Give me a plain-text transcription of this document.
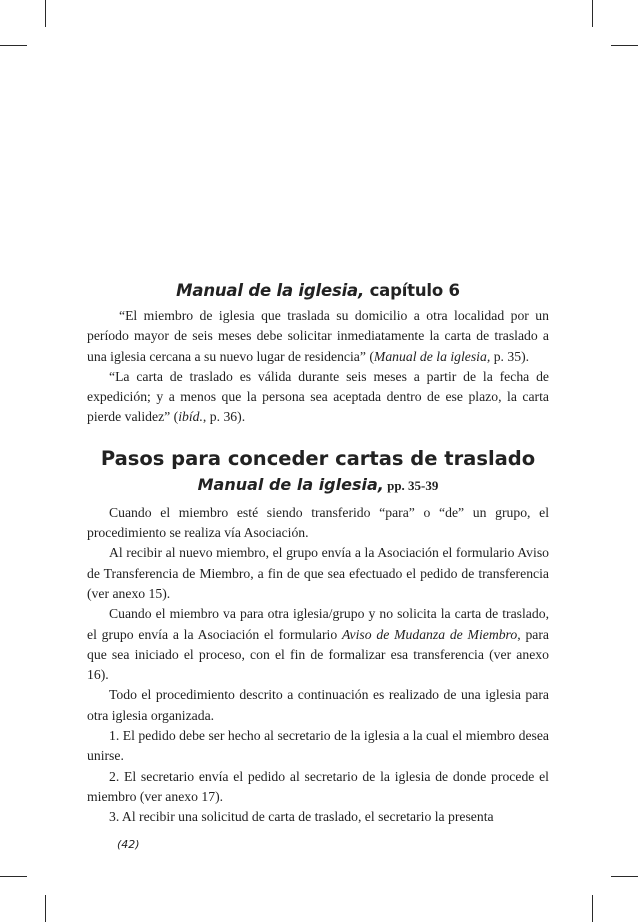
Manual de la iglesia, capítulo 6

“El miembro de iglesia que traslada su domicilio a otra localidad por un período mayor de seis meses debe solicitar inmediatamente la carta de traslado a una iglesia cercana a su nuevo lugar de residencia” (Manual de la iglesia, p. 35).

“La carta de traslado es válida durante seis meses a partir de la fecha de expedición; y a menos que la persona sea aceptada dentro de ese plazo, la carta pierde validez” (ibíd., p. 36).

Pasos para conceder cartas de traslado
Manual de la iglesia, pp. 35-39

Cuando el miembro esté siendo transferido “para” o “de” un grupo, el procedimiento se realiza vía Asociación.

Al recibir al nuevo miembro, el grupo envía a la Asociación el formulario Aviso de Transferencia de Miembro, a fin de que sea efectuado el pedido de transferencia (ver anexo 15).

Cuando el miembro va para otra iglesia/grupo y no solicita la carta de traslado, el grupo envía a la Asociación el formulario Aviso de Mudanza de Miembro, para que sea iniciado el proceso, con el fin de formalizar esa transferencia (ver anexo 16).

Todo el procedimiento descrito a continuación es realizado de una iglesia para otra iglesia organizada.

1. El pedido debe ser hecho al secretario de la iglesia a la cual el miembro desea unirse.

2. El secretario envía el pedido al secretario de la iglesia de donde procede el miembro (ver anexo 17).

3. Al recibir una solicitud de carta de traslado, el secretario la presenta

(42)
